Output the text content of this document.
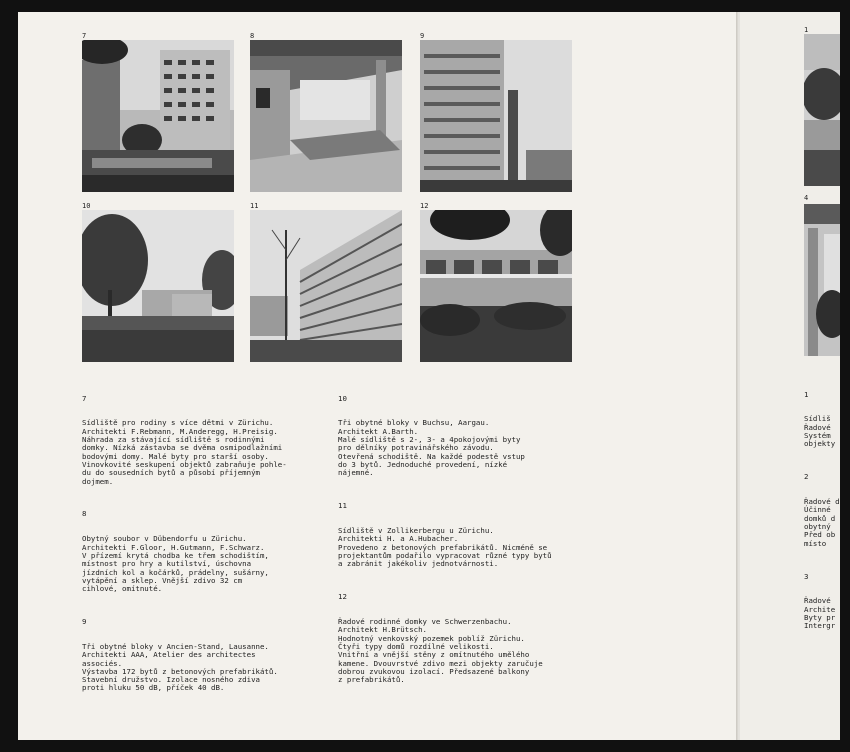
7	8	9
10	11	12

7

Sídliště pro rodiny s více dětmi v Zürichu.
Architekti F.Rebmann, M.Anderegg, H.Preisig.
Náhrada za stávající sídliště s rodinnými
domky. Nízká zástavba se dvěma osmipodlažními
bodovými domy. Malé byty pro starší osoby.
Vinovkovité seskupení objektů zabraňuje pohle-
du do sousedních bytů a působí příjemným
dojmem.

8

Obytný soubor v Dübendorfu u Zürichu.
Architekti F.Gloor, H.Gutmann, F.Schwarz.
V přízemí krytá chodba ke třem schodištím,
místnost pro hry a kutilství, úschovna
jízdních kol a kočárků, prádelny, sušárny,
vytápění a sklep. Vnější zdivo 32 cm
cihlové, omítnuté.

9

Tři obytné bloky v Ancien-Stand, Lausanne.
Architekti AAA, Atelier des architectes
associés.
Výstavba 172 bytů z betonových prefabrikátů.
Stavební družstvo. Izolace nosného zdiva
proti hluku 50 dB, příček 40 dB.

10

Tři obytné bloky v Buchsu, Aargau.
Architekt A.Barth.
Malé sídliště s 2-, 3- a 4pokojovými byty
pro dělníky potravinářského závodu.
Otevřená schodiště. Na každé podestě vstup
do 3 bytů. Jednoduché provedení, nízké
nájemné.

11

Sídliště v Zollikerbergu u Zürichu.
Architekti H. a A.Hubacher.
Provedeno z betonových prefabrikátů. Nicméně se
projektantům podařilo vypracovat různé typy bytů
a zabránit jakékoliv jednotvárnosti.

12

Řadové rodinné domky ve Schwerzenbachu.
Architekt H.Brütsch.
Hodnotný venkovský pozemek poblíž Zürichu.
Čtyři typy domů rozdílné velikosti.
Vnitřní a vnější stěny z omítnutého umělého
kamene. Dvouvrstvé zdivo mezi objekty zaručuje
dobrou zvukovou izolací. Předsazené balkony
z prefabrikátů.

1
4

1

Sídliš
Řadové
Systém
objekty

2

Řadové d
Účinné
domků d
obytný
Před ob
místo

3

Řadové
Archite
Byty pr
Intergr
